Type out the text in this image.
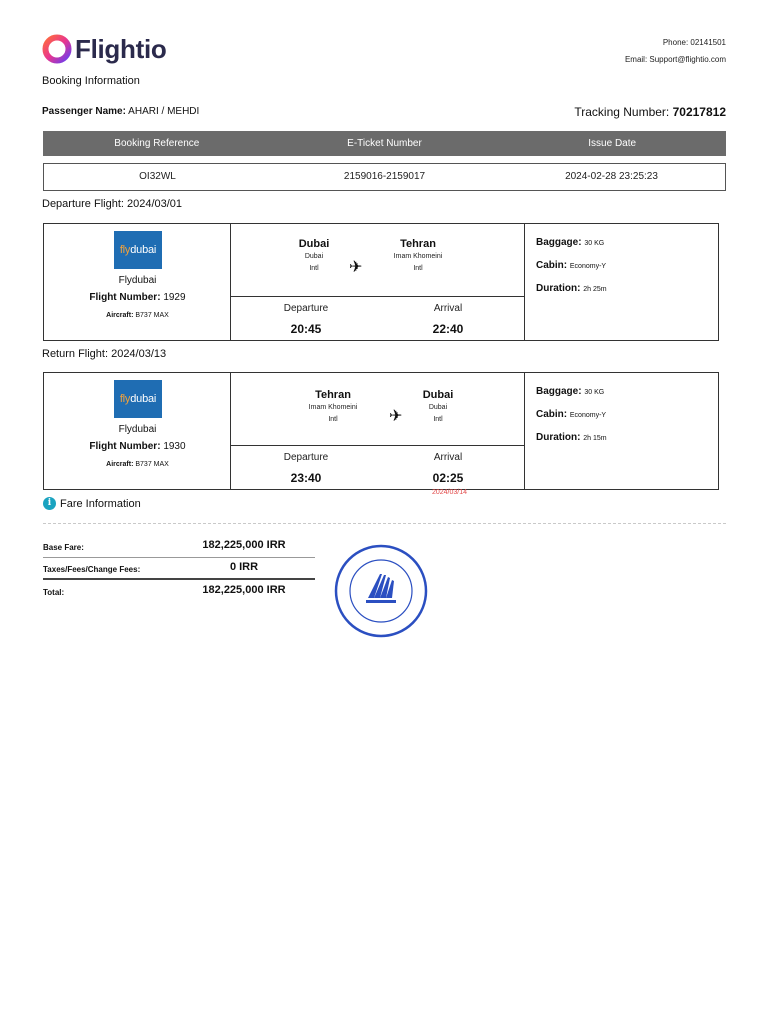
Flightio	Phone: 02141501
Email: Support@flightio.com
Booking Information
Passenger Name: AHARI / MEHDI	Tracking Number: 70217812
Booking Reference	E-Ticket Number	Issue Date
OI32WL	2159016-2159017	2024-02-28 23:25:23
Departure Flight: 2024/03/01
flydubai
Flydubai
Flight Number: 1929
Aircraft: B737 MAX
Dubai
Dubai
Intl	✈
Tehran
Imam Khomeini
Intl
Departure
20:45
Arrival
22:40
Baggage: 30 KG
Cabin: Economy-Y
Duration: 2h 25m
Return Flight: 2024/03/13
flydubai
Flydubai
Flight Number: 1930
Aircraft: B737 MAX
Tehran
Imam Khomeini
Intl	✈
Dubai
Dubai
Intl
Departure
23:40
Arrival
02:25
Baggage: 30 KG
Cabin: Economy-Y
Duration: 2h 15m
2024/03/14
i Fare Information
Base Fare:	182,225,000 IRR
Taxes/Fees/Change Fees:	0 IRR
Total:	182,225,000 IRR
